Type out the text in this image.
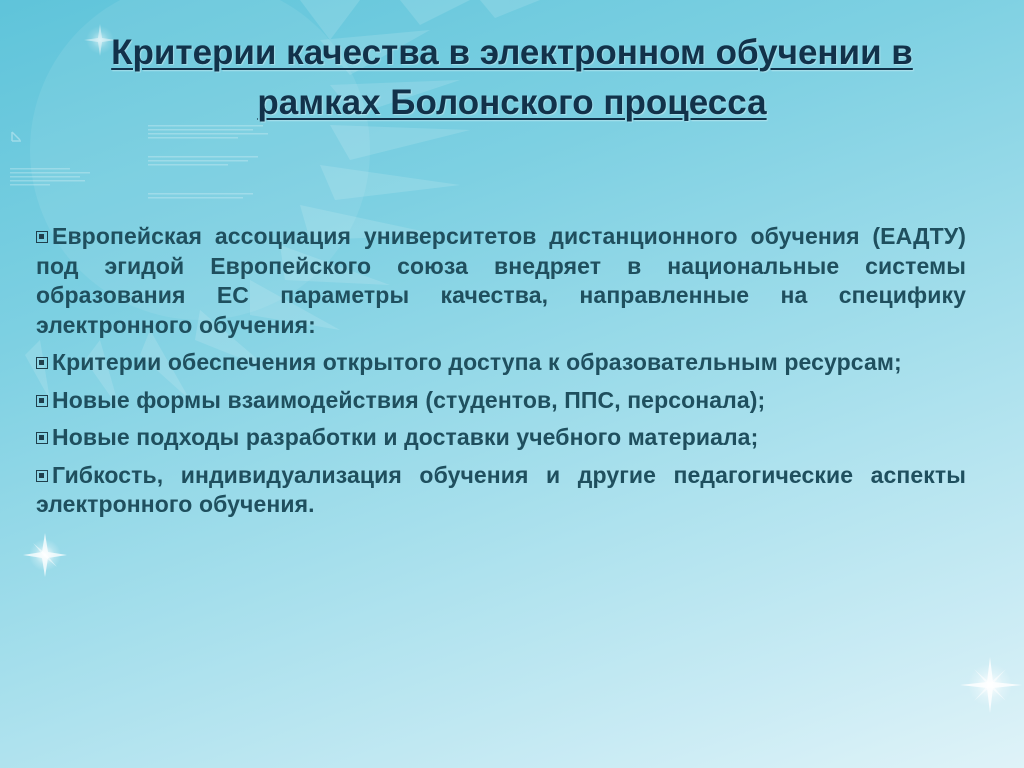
Критерии качества в электронном обучении в
рамках Болонского процесса

Европейская ассоциация университетов дистанционного обучения (ЕАДТУ) под эгидой Европейского союза внедряет в национальные системы образования ЕС параметры качества, направленные на специфику электронного обучения:

Критерии обеспечения открытого доступа к образовательным ресурсам;

Новые формы взаимодействия (студентов, ППС, персонала);

Новые подходы разработки и доставки учебного материала;

Гибкость, индивидуализация обучения и другие педагогические аспекты электронного обучения.
